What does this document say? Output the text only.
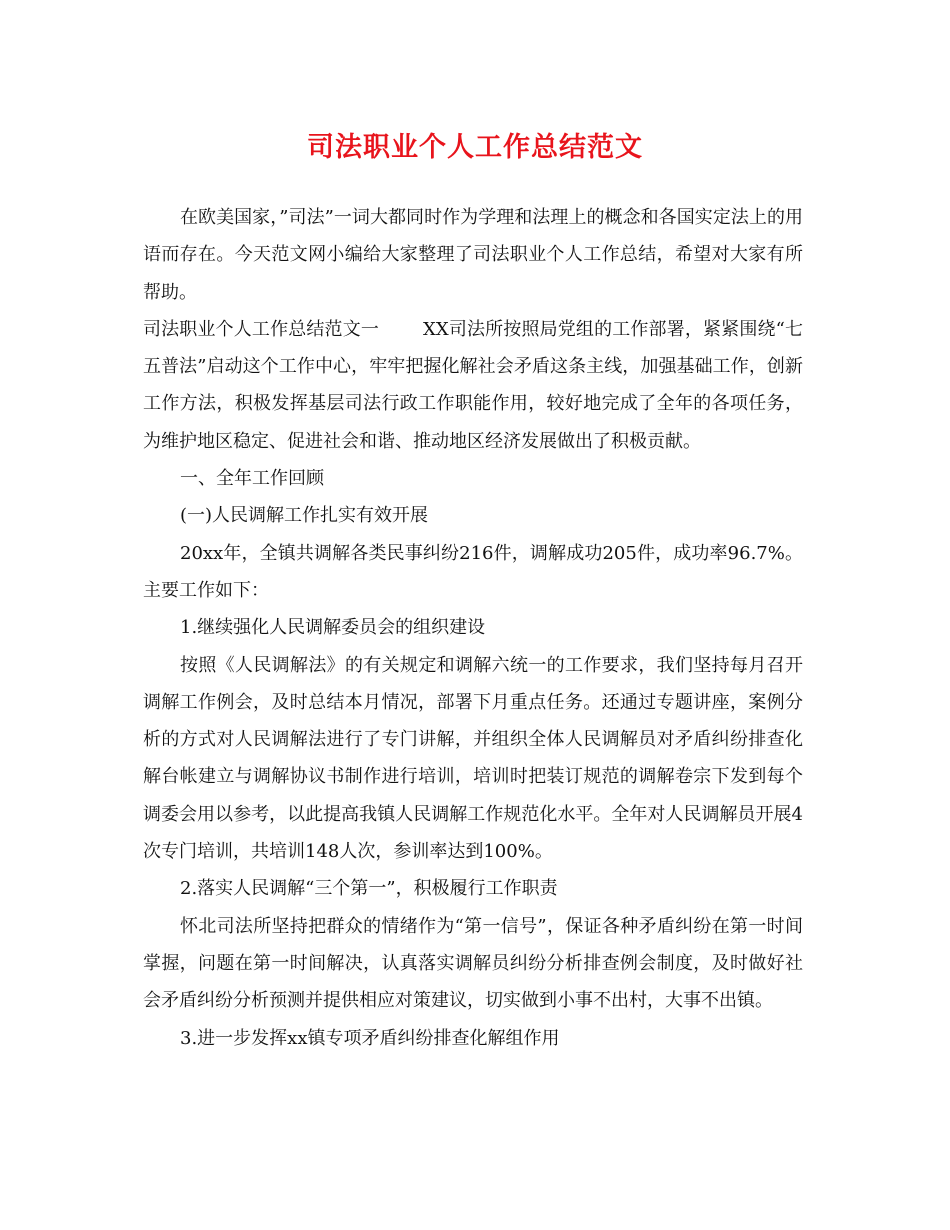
司法职业个人工作总结范文

在欧美国家，”司法”一词大都同时作为学理和法理上的概念和各国实定法上的用语而存在。今天范文网小编给大家整理了司法职业个人工作总结，希望对大家有所帮助。

司法职业个人工作总结范文一 XX司法所按照局党组的工作部署，紧紧围绕“七五普法”启动这个工作中心，牢牢把握化解社会矛盾这条主线，加强基础工作，创新工作方法，积极发挥基层司法行政工作职能作用，较好地完成了全年的各项任务，为维护地区稳定、促进社会和谐、推动地区经济发展做出了积极贡献。

一、全年工作回顾

(一)人民调解工作扎实有效开展

20xx年，全镇共调解各类民事纠纷216件，调解成功205件，成功率96.7%。主要工作如下：

1.继续强化人民调解委员会的组织建设

按照《人民调解法》的有关规定和调解六统一的工作要求，我们坚持每月召开调解工作例会，及时总结本月情况，部署下月重点任务。还通过专题讲座，案例分析的方式对人民调解法进行了专门讲解，并组织全体人民调解员对矛盾纠纷排查化解台帐建立与调解协议书制作进行培训，培训时把装订规范的调解卷宗下发到每个调委会用以参考，以此提高我镇人民调解工作规范化水平。全年对人民调解员开展4次专门培训，共培训148人次，参训率达到100%。

2.落实人民调解“三个第一”，积极履行工作职责

怀北司法所坚持把群众的情绪作为“第一信号”，保证各种矛盾纠纷在第一时间掌握，问题在第一时间解决，认真落实调解员纠纷分析排查例会制度，及时做好社会矛盾纠纷分析预测并提供相应对策建议，切实做到小事不出村，大事不出镇。

3.进一步发挥xx镇专项矛盾纠纷排查化解组作用
